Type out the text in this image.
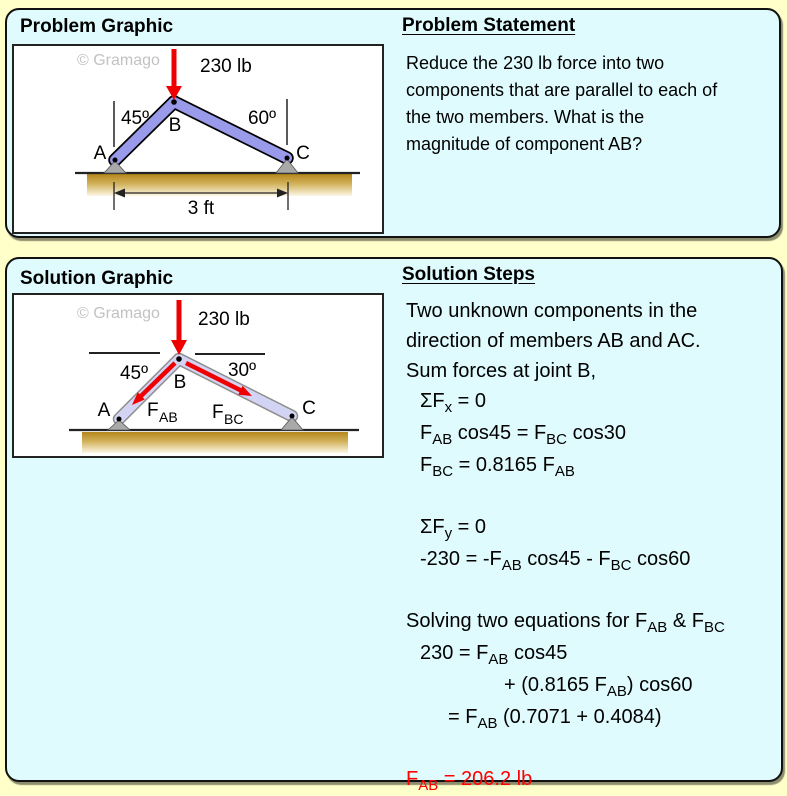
Problem Graphic
© Gramago 230 lb
45º	60º
A
B
C
3 ft
Problem Statement
Reduce the 230 lb force into two
components that are parallel to each of
the two members. What is the
magnitude of component AB?
Solution Graphic
© Gramago 230 lb
45º	30º
A
B
C
F AB F BC
Solution Steps
Two unknown components in the
direction of members AB and AC.
Sum forces at joint B,
$\Sigma F_x = 0$
$F_{AB}$ $\cos 45 = F_{BC}$ cos30
$F_{BC} = 0.8165$ $F_{AB}$

$\Sigma F_y = 0$
$-230 = -F_{AB}$ $\cos 45 - F_{BC}$ cos60

Solving two equations for $F_{AB}$ & $F_{BC}$
$230 = F_{AB}$ cos45
+ (0.8165 $F_{AB}$) cos60
= $F_{AB}$ (0.7071 + 0.4084)

$F_{AB} = 206.2$ lb
